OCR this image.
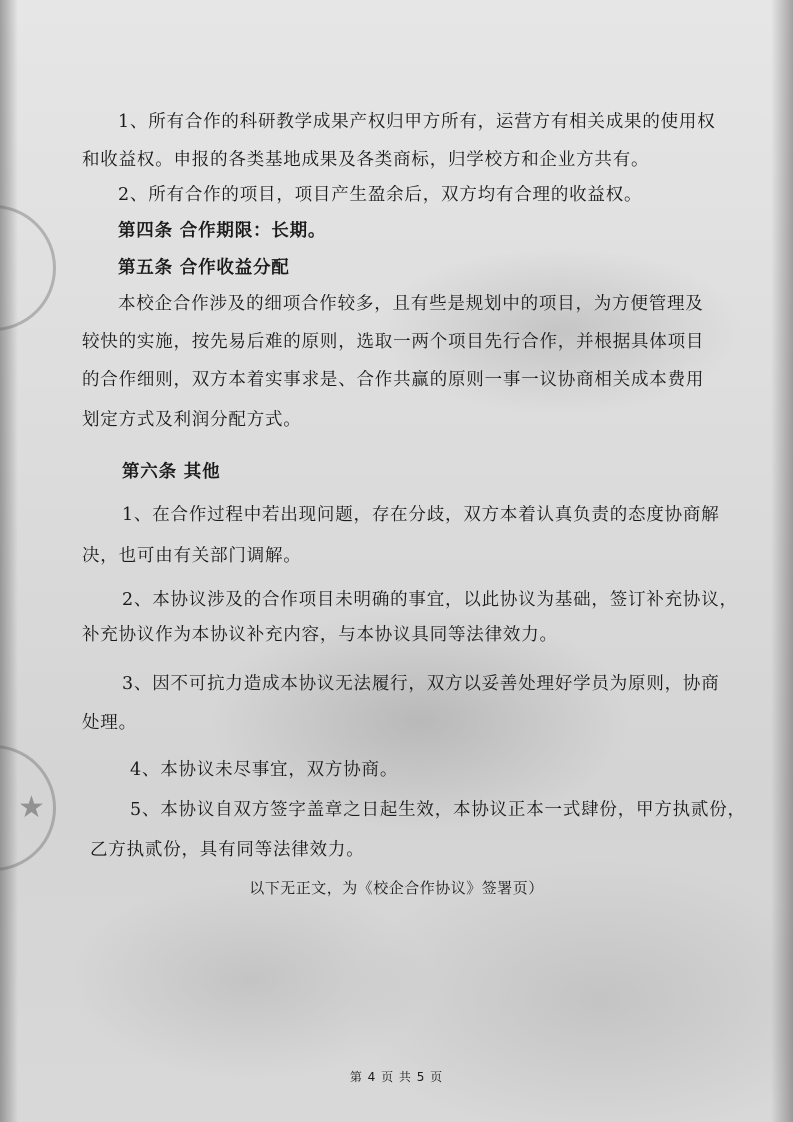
★
1、所有合作的科研教学成果产权归甲方所有，运营方有相关成果的使用权
和收益权。申报的各类基地成果及各类商标，归学校方和企业方共有。
2、所有合作的项目，项目产生盈余后，双方均有合理的收益权。
第四条 合作期限：长期。
第五条 合作收益分配
本校企合作涉及的细项合作较多，且有些是规划中的项目，为方便管理及
较快的实施，按先易后难的原则，选取一两个项目先行合作，并根据具体项目
的合作细则，双方本着实事求是、合作共赢的原则一事一议协商相关成本费用
划定方式及利润分配方式。
第六条 其他
1、在合作过程中若出现问题，存在分歧，双方本着认真负责的态度协商解
决，也可由有关部门调解。
2、本协议涉及的合作项目未明确的事宜，以此协议为基础，签订补充协议，
补充协议作为本协议补充内容，与本协议具同等法律效力。
3、因不可抗力造成本协议无法履行，双方以妥善处理好学员为原则，协商
处理。
4、本协议未尽事宜，双方协商。
5、本协议自双方签字盖章之日起生效，本协议正本一式肆份，甲方执贰份，
乙方执贰份，具有同等法律效力。
以下无正文，为《校企合作协议》签署页）
第 4 页 共 5 页
